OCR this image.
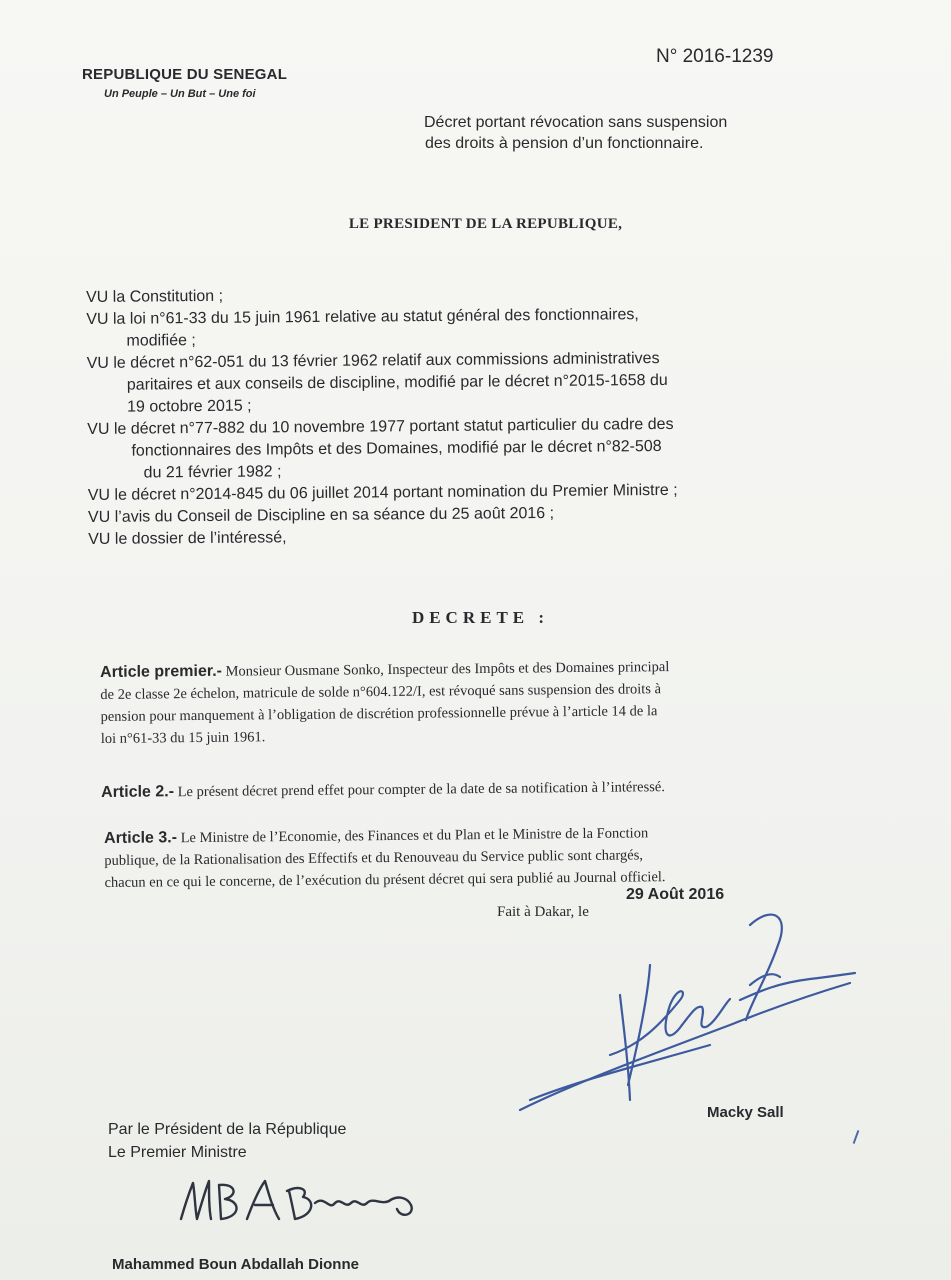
REPUBLIQUE DU SENEGAL
Un Peuple – Un But – Une foi
N° 2016-1239
Décret portant révocation sans suspension
des droits à pension d’un fonctionnaire.
LE PRESIDENT DE LA REPUBLIQUE,
VU la Constitution ;
VU la loi n°61-33 du 15 juin 1961 relative au statut général des fonctionnaires,
modifiée ;
VU le décret n°62-051 du 13 février 1962 relatif aux commissions administratives
paritaires et aux conseils de discipline, modifié par le décret n°2015-1658 du
19 octobre 2015 ;
VU le décret n°77-882 du 10 novembre 1977 portant statut particulier du cadre des
fonctionnaires des Impôts et des Domaines, modifié par le décret n°82-508
du 21 février 1982 ;
VU le décret n°2014-845 du 06 juillet 2014 portant nomination du Premier Ministre ;
VU l’avis du Conseil de Discipline en sa séance du 25 août 2016 ;
VU le dossier de l’intéressé,
DECRETE :
Article premier.- Monsieur Ousmane Sonko, Inspecteur des Impôts et des Domaines principal
de 2e classe 2e échelon, matricule de solde n°604.122/I, est révoqué sans suspension des droits à
pension pour manquement à l’obligation de discrétion professionnelle prévue à l’article 14 de la
loi n°61-33 du 15 juin 1961.
Article 2.- Le présent décret prend effet pour compter de la date de sa notification à l’intéressé.
Article 3.- Le Ministre de l’Economie, des Finances et du Plan et le Ministre de la Fonction
publique, de la Rationalisation des Effectifs et du Renouveau du Service public sont chargés,
chacun en ce qui le concerne, de l’exécution du présent décret qui sera publié au Journal officiel.
Fait à Dakar, le
29 Août 2016
Macky Sall
Par le Président de la République
Le Premier Ministre
Mahammed Boun Abdallah Dionne
